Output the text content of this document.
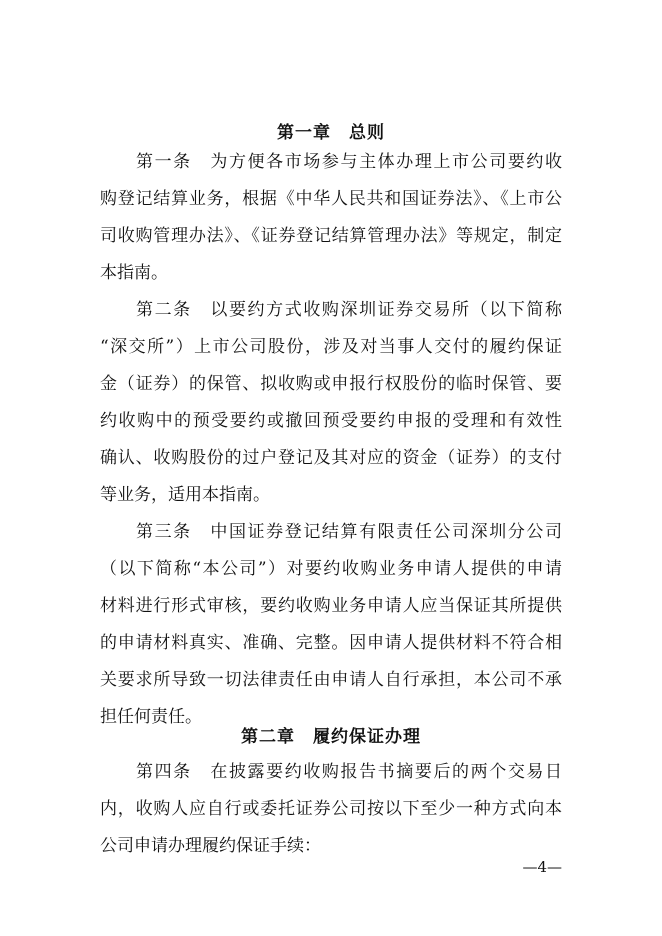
第一章　总则

第一条　为方便各市场参与主体办理上市公司要约收

购登记结算业务，根据《中华人民共和国证券法》、《上市公

司收购管理办法》、《证券登记结算管理办法》等规定，制定

本指南。

第二条　以要约方式收购深圳证券交易所（以下简称

“深交所”）上市公司股份，涉及对当事人交付的履约保证

金（证券）的保管、拟收购或申报行权股份的临时保管、要

约收购中的预受要约或撤回预受要约申报的受理和有效性

确认、收购股份的过户登记及其对应的资金（证券）的支付

等业务，适用本指南。

第三条　中国证券登记结算有限责任公司深圳分公司

（以下简称“本公司”）对要约收购业务申请人提供的申请

材料进行形式审核，要约收购业务申请人应当保证其所提供

的申请材料真实、准确、完整。因申请人提供材料不符合相

关要求所导致一切法律责任由申请人自行承担，本公司不承

担任何责任。

第二章　履约保证办理

第四条　在披露要约收购报告书摘要后的两个交易日

内，收购人应自行或委托证券公司按以下至少一种方式向本

公司申请办理履约保证手续：

—4—
